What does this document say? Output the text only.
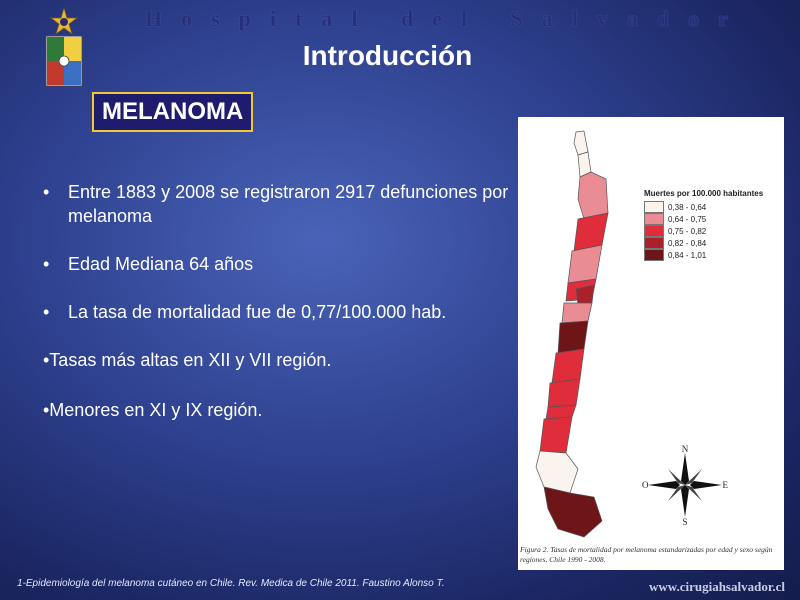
Hospital del Salvador
Introducción
MELANOMA
• Entre 1883 y 2008 se registraron 2917 defunciones por melanoma
• Edad Mediana 64 años
• La tasa de mortalidad fue de 0,77/100.000 hab.
•Tasas más altas en XII y VII región.
•Menores en XI y IX región.
Muertes por 100.000 habitantes
0,38 - 0,64
0,64 - 0,75
0,75 - 0,82
0,82 - 0,84
0,84 - 1,01
N
S
E
O
Figura 2. Tasas de mortalidad por melanoma estandarizadas por edad y sexo según regiones, Chile 1990 - 2008.
1-Epidemiología del melanoma cutáneo en Chile. Rev. Medica de Chile 2011. Faustino Alonso T.	www.cirugiahsalvador.cl
